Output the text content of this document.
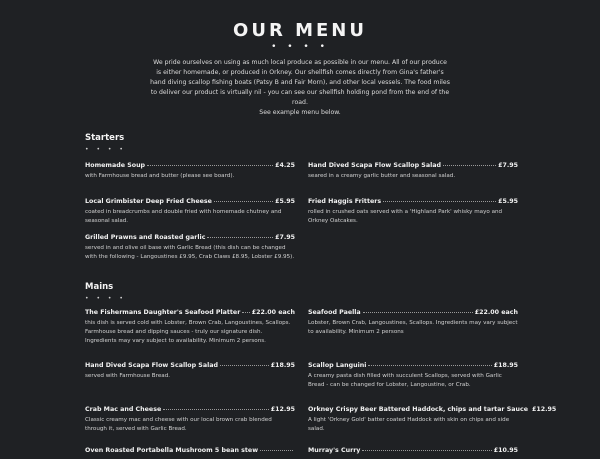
OUR MENU
• • • •
We pride ourselves on using as much local produce as possible in our menu. All of our produce is either homemade, or produced in Orkney. Our shellfish comes directly from Gina's father's hand diving scallop fishing boats (Patsy B and Fair Morn), and other local vessels. The food miles to deliver our product is virtually nil - you can see our shellfish holding pond from the end of the road.
See example menu below.
Starters
• • • •
Homemade Soup	£4.25
with Farmhouse bread and butter (please see board).
Hand Dived Scapa Flow Scallop Salad	£7.95
seared in a creamy garlic butter and seasonal salad.
Local Grimbister Deep Fried Cheese	£5.95
coated in breadcrumbs and double fried with homemade chutney and seasonal salad.
Fried Haggis Fritters	£5.95
rolled in crushed oats served with a 'Highland Park' whisky mayo and Orkney Oatcakes.
Grilled Prawns and Roasted garlic	£7.95
served in and olive oil base with Garlic Bread (this dish can be changed with the following - Langoustines £9.95, Crab Claws £8.95, Lobster £9.95).
Mains
• • • •
The Fishermans Daughter's Seafood Platter £22.00 each
this dish is served cold with Lobster, Brown Crab, Langoustines, Scallops. Farmhouse bread and dipping sauces - truly our signature dish. Ingredients may vary subject to availability. Minimum 2 persons.
Seafood Paella	£22.00 each
Lobster, Brown Crab, Langoustines, Scallops. Ingredients may vary subject to availability. Minimum 2 persons
Hand Dived Scapa Flow Scallop Salad	£18.95
served with Farmhouse Bread.
Scallop Languini	£18.95
A creamy pasta dish filled with succulent Scallops, served with Garlic Bread - can be changed for Lobster, Langoustine, or Crab.
Crab Mac and Cheese	£12.95
Classic creamy mac and cheese with our local brown crab blended through it, served with Garlic Bread.
Orkney Crispy Beer Battered Haddock, chips and tartar Sauce £12.95
A light 'Orkney Gold' batter coated Haddock with skin on chips and side salad.
Oven Roasted Portabella Mushroom 5 bean stew	Murray's Curry	£10.95
